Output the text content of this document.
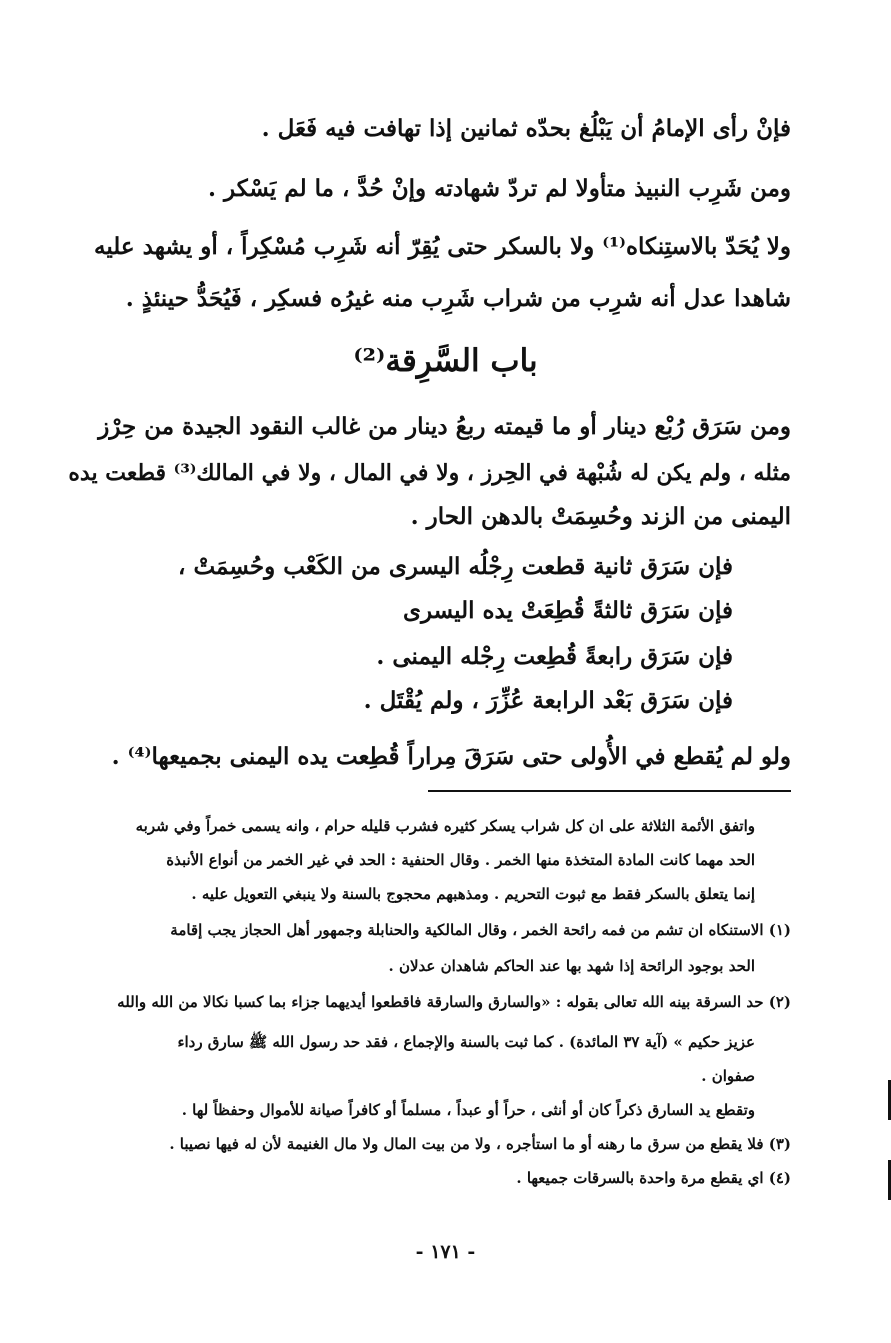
فإنْ رأى الإمامُ أن يَبْلُغ بحدّه ثمانين إذا تهافت فيه فَعَل .
ومن شَرِب النبيذ متأولا لم تردّ شهادته وإنْ حُدَّ ، ما لم يَسْكر .
ولا يُحَدّ بالاستِنكاه⁽¹⁾ ولا بالسكر حتى يُقِرّ أنه شَرِب مُسْكِراً ، أو يشهد عليه
شاهدا عدل أنه شرِب من شراب شَرِب منه غيرُه فسكِر ، فَيُحَدُّ حينئذٍ .
باب السَّرِقة⁽²⁾
ومن سَرَق رُبْع دينار أو ما قيمته ربعُ دينار من غالب النقود الجيدة من حِرْز
مثله ، ولم يكن له شُبْهة في الحِرز ، ولا في المال ، ولا في المالك⁽³⁾ قطعت يده
اليمنى من الزند وحُسِمَتْ بالدهن الحار .
فإن سَرَق ثانية قطعت رِجْلُه اليسرى من الكَعْب وحُسِمَتْ ،
فإن سَرَق ثالثةً قُطِعَتْ يده اليسرى
فإن سَرَق رابعةً قُطِعت رِجْله اليمنى .
فإن سَرَق بَعْد الرابعة عُزِّرَ ، ولم يُقْتَل .
ولو لم يُقطع في الأُولى حتى سَرَقَ مِراراً قُطِعت يده اليمنى بجميعها⁽⁴⁾ .
واتفق الأئمة الثلاثة على ان كل شراب يسكر كثيره فشرب قليله حرام ، وانه يسمى خمراً وفي شربه
الحد مهما كانت المادة المتخذة منها الخمر . وقال الحنفية : الحد في غير الخمر من أنواع الأنبذة
إنما يتعلق بالسكر فقط مع ثبوت التحريم . ومذهبهم محجوج بالسنة ولا ينبغي التعويل عليه .
(١) الاستنكاه ان تشم من فمه رائحة الخمر ، وقال المالكية والحنابلة وجمهور أهل الحجاز يجب إقامة
الحد بوجود الرائحة إذا شهد بها عند الحاكم شاهدان عدلان .
(٢) حد السرقة بينه الله تعالى بقوله : «والسارق والسارقة فاقطعوا أيديهما جزاء بما كسبا نكالا من الله والله
عزيز حكيم » (آية ٣٧ المائدة) . كما ثبت بالسنة والإجماع ، فقد حد رسول الله ﷺ سارق رداء
صفوان .
وتقطع يد السارق ذكراً كان أو أنثى ، حراً أو عبداً ، مسلماً أو كافراً صيانة للأموال وحفظاً لها .
(٣) فلا يقطع من سرق ما رهنه أو ما استأجره ، ولا من بيت المال ولا مال الغنيمة لأن له فيها نصيبا .
(٤) اي يقطع مرة واحدة بالسرقات جميعها .
- ١٧١ -
